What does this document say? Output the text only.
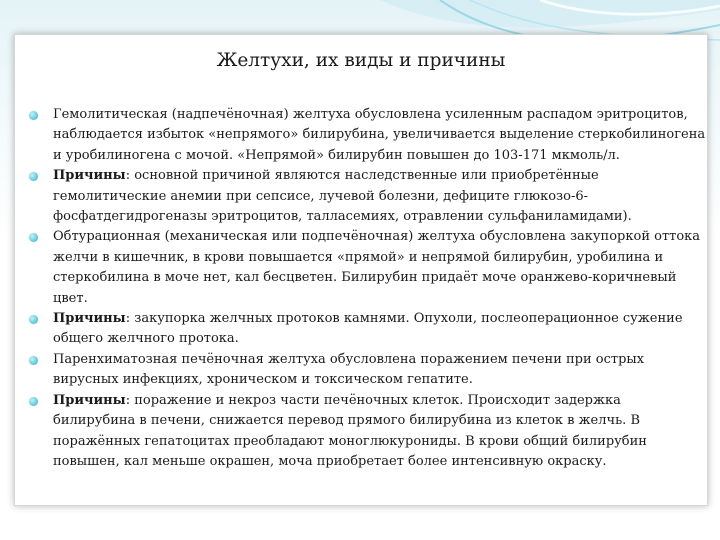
Желтухи, их виды и причины
Гемолитическая (надпечёночная) желтуха обусловлена усиленным распадом эритроцитов, наблюдается избыток «непрямого» билирубина, увеличивается выделение стеркобилиногена и уробилиногена с мочой. «Непрямой» билирубин повышен до 103-171 мкмоль/л.
Причины: основной причиной являются наследственные или приобретённые гемолитические анемии при сепсисе, лучевой болезни, дефиците глюкозо-6-фосфатдегидрогеназы эритроцитов, талласемиях, отравлении сульфаниламидами).
Обтурационная (механическая или подпечёночная) желтуха обусловлена закупоркой оттока желчи в кишечник, в крови повышается «прямой» и непрямой билирубин, уробилина и стеркобилина в моче нет, кал бесцветен. Билирубин придаёт моче оранжево-коричневый цвет.
Причины: закупорка желчных протоков камнями. Опухоли, послеоперационное сужение общего желчного протока.
Паренхиматозная печёночная желтуха обусловлена поражением печени при острых вирусных инфекциях, хроническом и токсическом гепатите.
Причины: поражение и некроз части печёночных клеток. Происходит задержка билирубина в печени, снижается перевод прямого билирубина из клеток в желчь. В поражённых гепатоцитах преобладают моноглюкурониды. В крови общий билирубин повышен, кал меньше окрашен, моча приобретает более интенсивную окраску.
